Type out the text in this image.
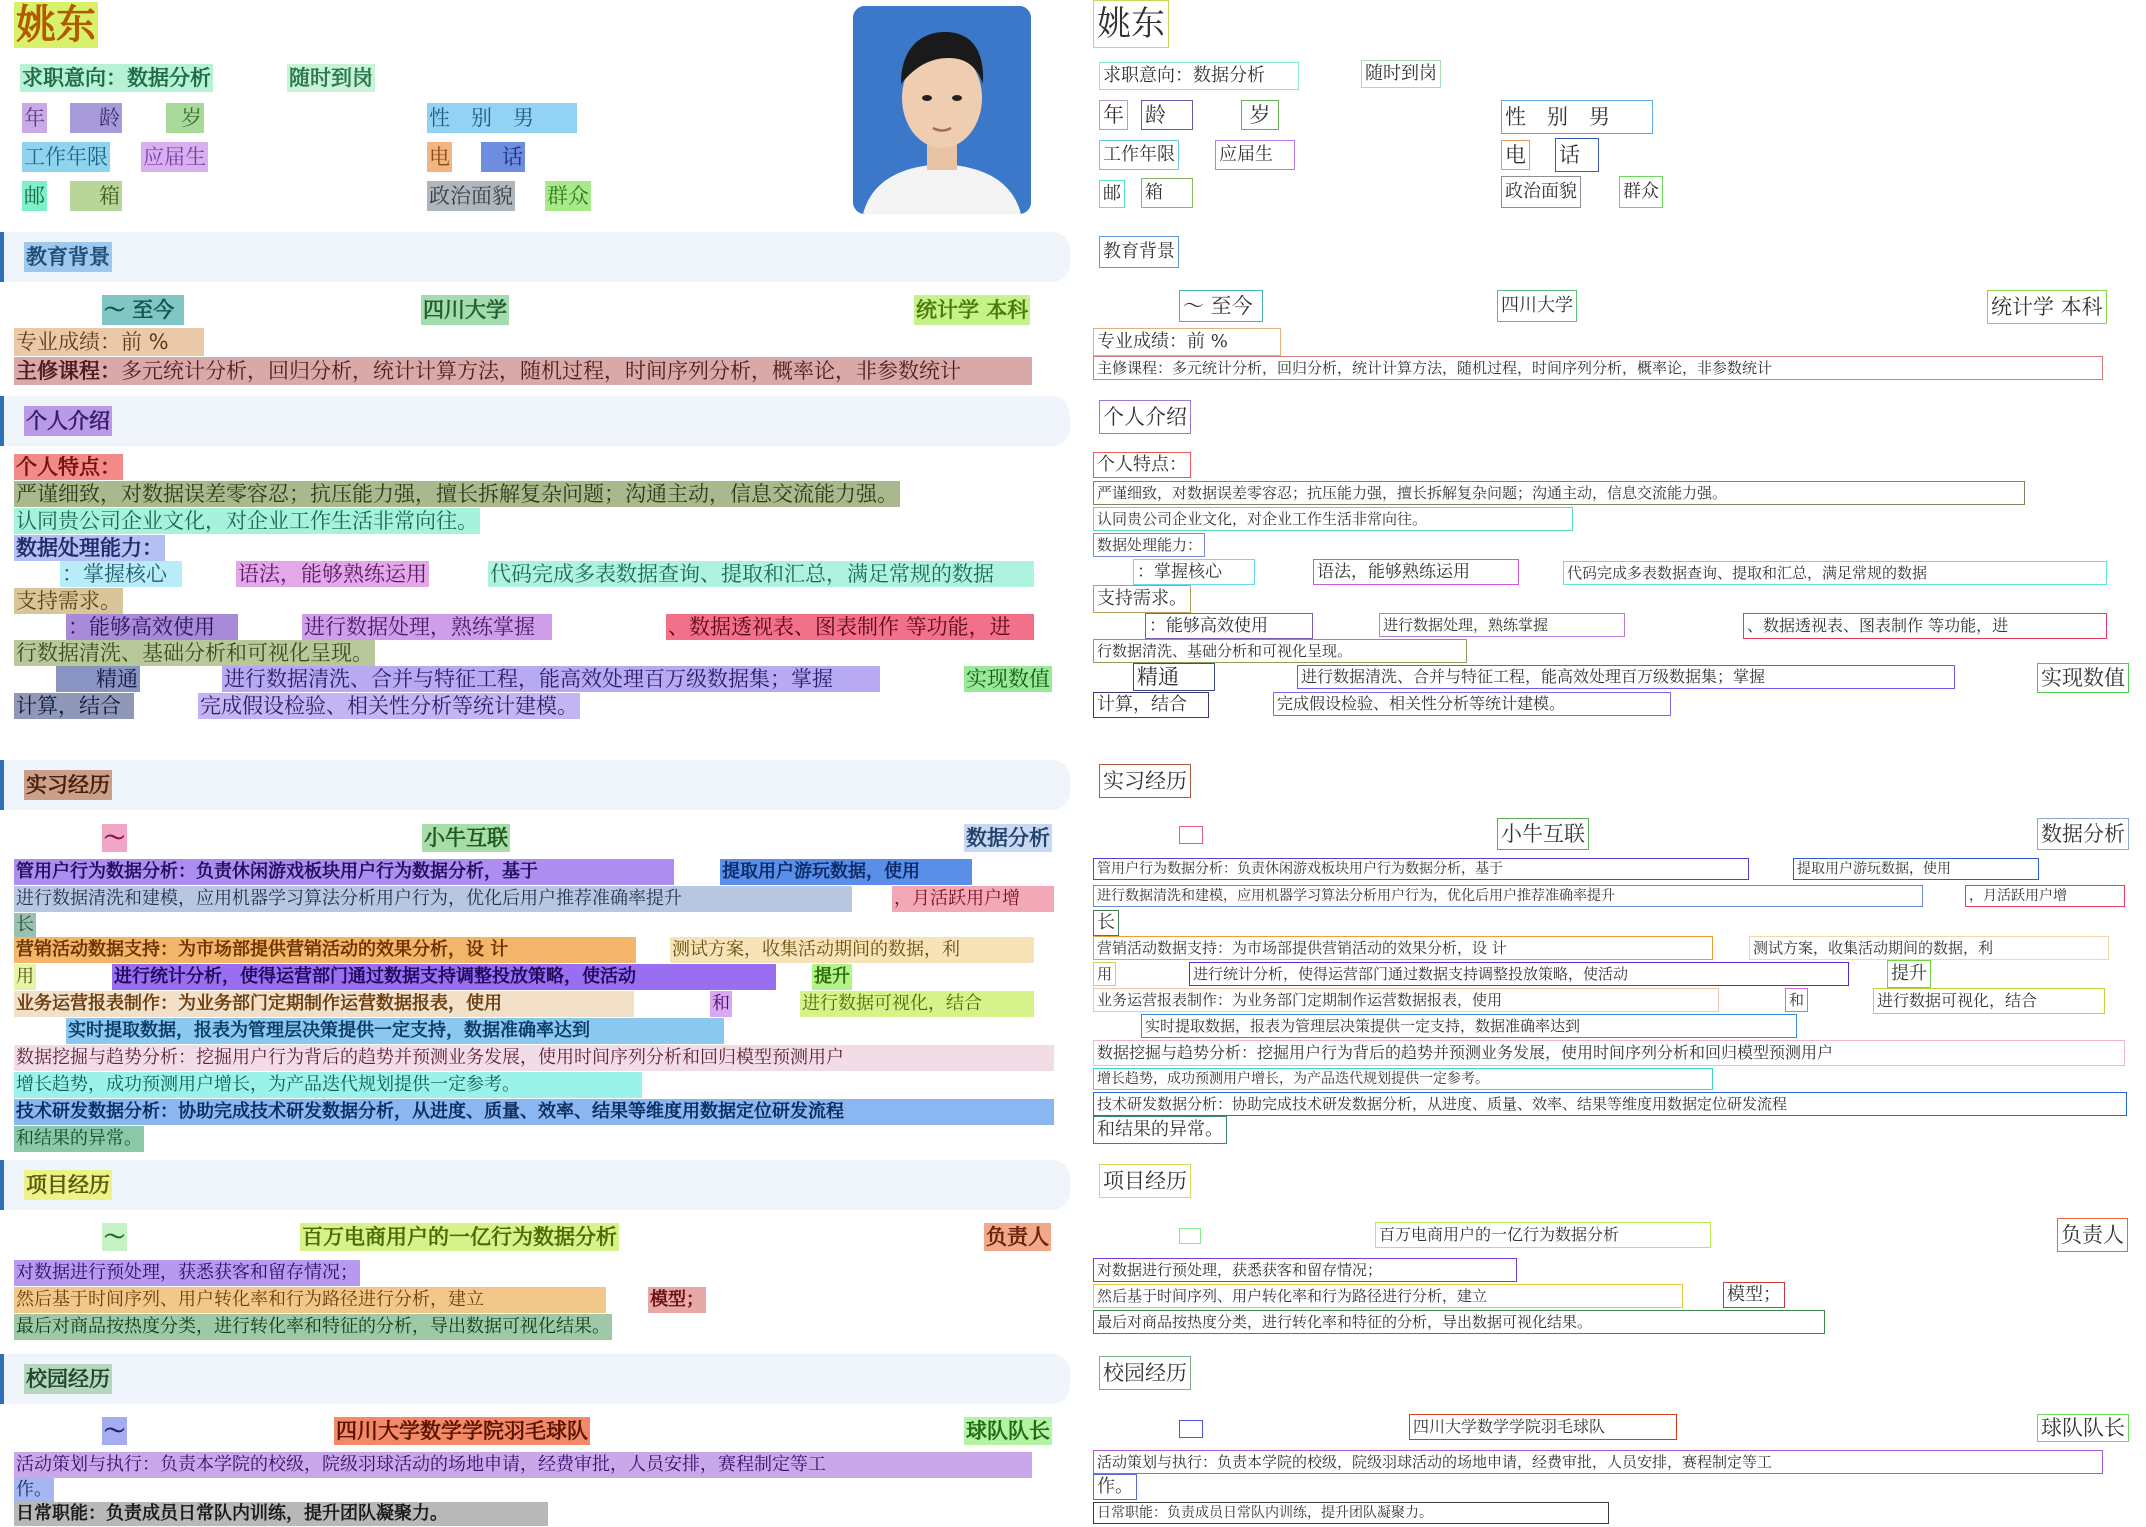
姚东
求职意向：数据分析	随时到岗
年	龄	岁	性　别　男
工作年限 应届生	电	话
邮	箱	政治面貌 群众
教育背景
～ 至今	四川大学	统计学 本科
专业成绩：前 %
主修课程： 多元统计分析，回归分析，统计计算方法，随机过程，时间序列分析，概率论，非参数统计
个人介绍
个人特点：
严谨细致，对数据误差零容忍；抗压能力强，擅长拆解复杂问题；沟通主动，信息交流能力强。
认同贵公司企业文化，对企业工作生活非常向往。
数据处理能力：
：掌握核心	语法，能够熟练运用	代码完成多表数据查询、提取和汇总，满足常规的数据
支持需求。
：能够高效使用	进行数据处理，熟练掌握	、数据透视表、图表制作 等功能，进
行数据清洗、基础分析和可视化呈现。
精通	进行数据清洗、合并与特征工程，能高效处理百万级数据集；掌握	实现数值
计算，结合	完成假设检验、相关性分析等统计建模。
实习经历
～	小牛互联	数据分析
管用户行为数据分析：负责休闲游戏板块用户行为数据分析，基于	提取用户游玩数据，使用
进行数据清洗和建模，应用机器学习算法分析用户行为，优化后用户推荐准确率提升	，月活跃用户增
长
营销活动数据支持：为市场部提供营销活动的效果分析，设 计	测试方案，收集活动期间的数据，利
用	进行统计分析，使得运营部门通过数据支持调整投放策略，使活动	提升
业务运营报表制作：为业务部门定期制作运营数据报表，使用	和	进行数据可视化，结合
实时提取数据，报表为管理层决策提供一定支持，数据准确率达到
数据挖掘与趋势分析：挖掘用户行为背后的趋势并预测业务发展，使用时间序列分析和回归模型预测用户
增长趋势，成功预测用户增长，为产品迭代规划提供一定参考。
技术研发数据分析：协助完成技术研发数据分析，从进度、质量、效率、结果等维度用数据定位研发流程
和结果的异常。
项目经历
～	百万电商用户的一亿行为数据分析	负责人
对数据进行预处理，获悉获客和留存情况；
然后基于时间序列、用户转化率和行为路径进行分析，建立	模型；
最后对商品按热度分类，进行转化率和特征的分析，导出数据可视化结果。
校园经历
～	四川大学数学学院羽毛球队	球队队长
活动策划与执行：负责本学院的校级，院级羽球活动的场地申请，经费审批，人员安排，赛程制定等工
作。
日常职能：负责成员日常队内训练，提升团队凝聚力。
姚东
求职意向：数据分析	随时到岗
年 龄	岁	性　别　男
工作年限 应届生	电 话
邮 箱	政治面貌	群众
教育背景
～ 至今	四川大学	统计学 本科
专业成绩：前 %
主修课程： 多元统计分析，回归分析，统计计算方法，随机过程，时间序列分析，概率论，非参数统计
个人介绍
个人特点：
严谨细致，对数据误差零容忍；抗压能力强，擅长拆解复杂问题；沟通主动，信息交流能力强。
认同贵公司企业文化，对企业工作生活非常向往。
数据处理能力：
：掌握核心	语法，能够熟练运用	代码完成多表数据查询、提取和汇总，满足常规的数据
支持需求。
：能够高效使用	进行数据处理，熟练掌握	、数据透视表、图表制作 等功能，进
行数据清洗、基础分析和可视化呈现。
精通	进行数据清洗、合并与特征工程，能高效处理百万级数据集；掌握	实现数值
计算，结合	完成假设检验、相关性分析等统计建模。
实习经历
小牛互联	数据分析
管用户行为数据分析：负责休闲游戏板块用户行为数据分析，基于	提取用户游玩数据，使用
进行数据清洗和建模，应用机器学习算法分析用户行为，优化后用户推荐准确率提升	，月活跃用户增
长
营销活动数据支持：为市场部提供营销活动的效果分析，设 计	测试方案，收集活动期间的数据，利
用	进行统计分析，使得运营部门通过数据支持调整投放策略，使活动	提升
业务运营报表制作：为业务部门定期制作运营数据报表，使用	和	进行数据可视化，结合
实时提取数据，报表为管理层决策提供一定支持，数据准确率达到
数据挖掘与趋势分析：挖掘用户行为背后的趋势并预测业务发展，使用时间序列分析和回归模型预测用户
增长趋势，成功预测用户增长，为产品迭代规划提供一定参考。
技术研发数据分析：协助完成技术研发数据分析，从进度、质量、效率、结果等维度用数据定位研发流程
和结果的异常。
项目经历
百万电商用户的一亿行为数据分析	负责人
对数据进行预处理，获悉获客和留存情况；
然后基于时间序列、用户转化率和行为路径进行分析，建立	模型；
最后对商品按热度分类，进行转化率和特征的分析，导出数据可视化结果。
校园经历
四川大学数学学院羽毛球队	球队队长
活动策划与执行：负责本学院的校级，院级羽球活动的场地申请，经费审批，人员安排，赛程制定等工
作。
日常职能：负责成员日常队内训练，提升团队凝聚力。
